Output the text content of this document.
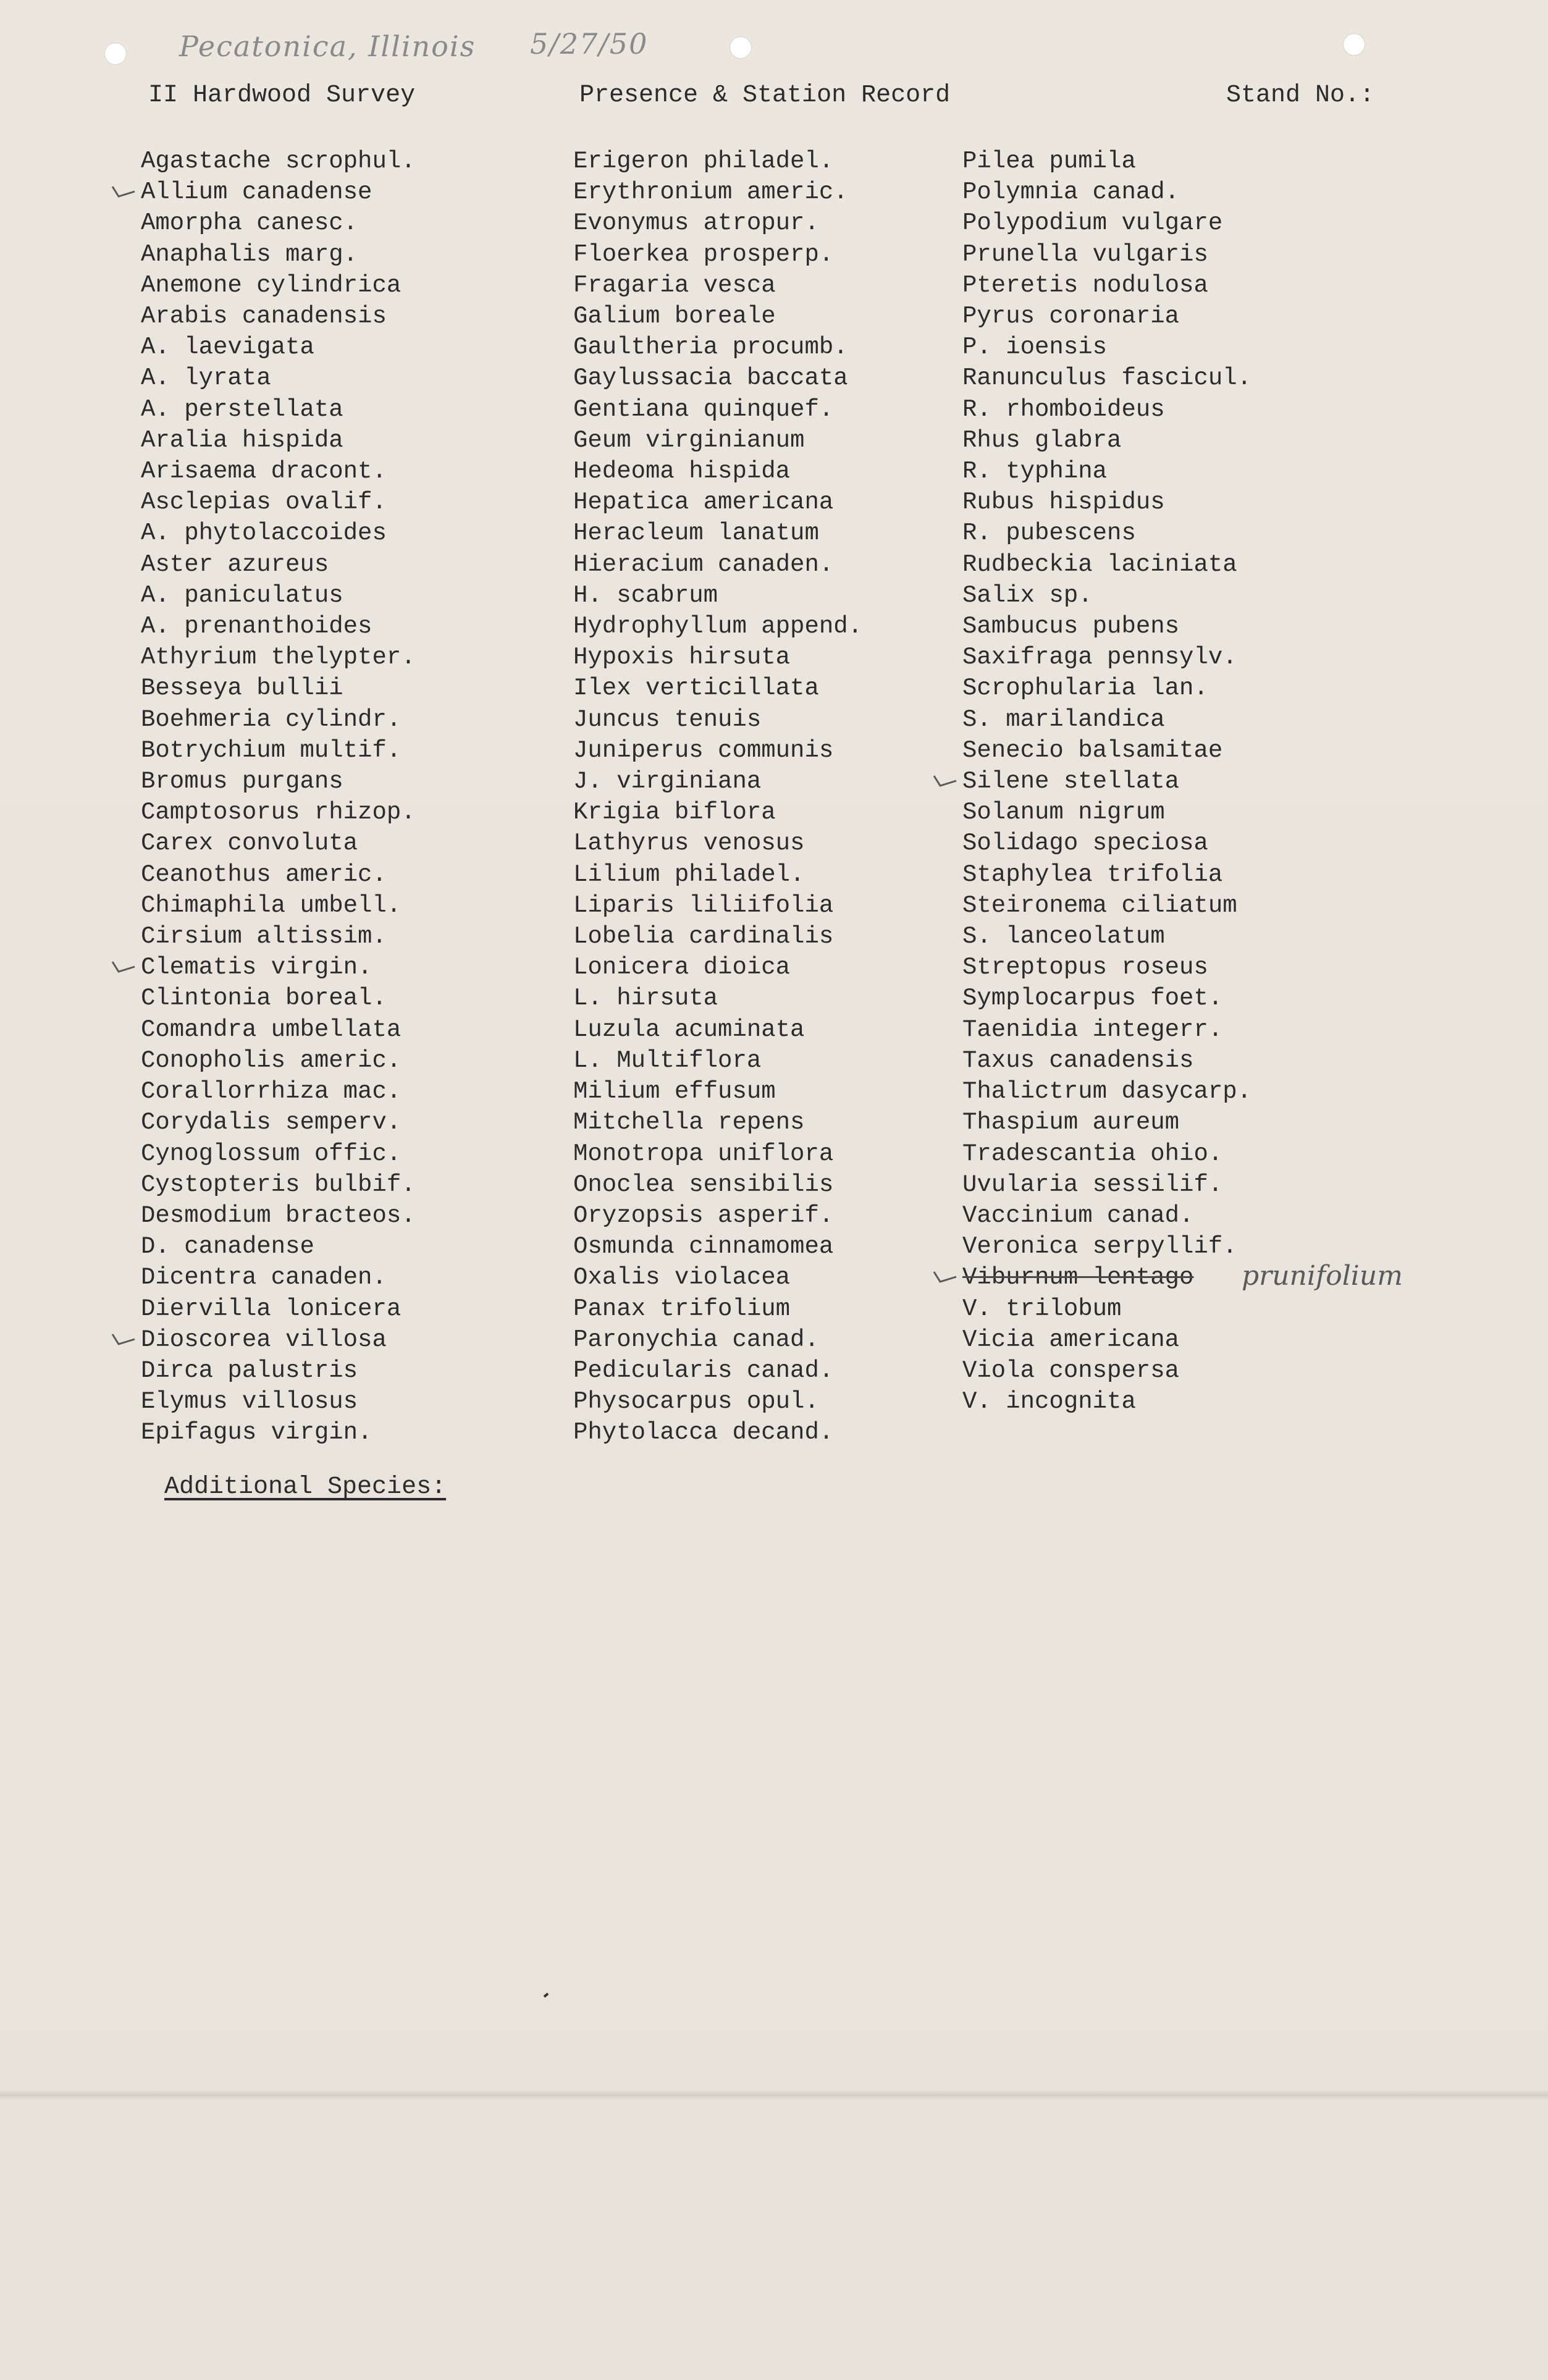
Pecatonica, Illinois 5/27/50
II Hardwood Survey	Presence & Station Record	Stand No.:
Agastache scrophul.
Allium canadense
Amorpha canesc.
Anaphalis marg.
Anemone cylindrica
Arabis canadensis
A. laevigata
A. lyrata
A. perstellata
Aralia hispida
Arisaema dracont.
Asclepias ovalif.
A. phytolaccoides
Aster azureus
A. paniculatus
A. prenanthoides
Athyrium thelypter.
Besseya bullii
Boehmeria cylindr.
Botrychium multif.
Bromus purgans
Camptosorus rhizop.
Carex convoluta
Ceanothus americ.
Chimaphila umbell.
Cirsium altissim.
Clematis virgin.
Clintonia boreal.
Comandra umbellata
Conopholis americ.
Corallorrhiza mac.
Corydalis semperv.
Cynoglossum offic.
Cystopteris bulbif.
Desmodium bracteos.
D. canadense
Dicentra canaden.
Diervilla lonicera
Dioscorea villosa
Dirca palustris
Elymus villosus
Epifagus virgin.
Erigeron philadel.
Erythronium americ.
Evonymus atropur.
Floerkea prosperp.
Fragaria vesca
Galium boreale
Gaultheria procumb.
Gaylussacia baccata
Gentiana quinquef.
Geum virginianum
Hedeoma hispida
Hepatica americana
Heracleum lanatum
Hieracium canaden.
H. scabrum
Hydrophyllum append.
Hypoxis hirsuta
Ilex verticillata
Juncus tenuis
Juniperus communis
J. virginiana
Krigia biflora
Lathyrus venosus
Lilium philadel.
Liparis liliifolia
Lobelia cardinalis
Lonicera dioica
L. hirsuta
Luzula acuminata
L. Multiflora
Milium effusum
Mitchella repens
Monotropa uniflora
Onoclea sensibilis
Oryzopsis asperif.
Osmunda cinnamomea
Oxalis violacea
Panax trifolium
Paronychia canad.
Pedicularis canad.
Physocarpus opul.
Phytolacca decand.
Pilea pumila
Polymnia canad.
Polypodium vulgare
Prunella vulgaris
Pteretis nodulosa
Pyrus coronaria
P. ioensis
Ranunculus fascicul.
R. rhomboideus
Rhus glabra
R. typhina
Rubus hispidus
R. pubescens
Rudbeckia laciniata
Salix sp.
Sambucus pubens
Saxifraga pennsylv.
Scrophularia lan.
S. marilandica
Senecio balsamitae
Silene stellata
Solanum nigrum
Solidago speciosa
Staphylea trifolia
Steironema ciliatum
S. lanceolatum
Streptopus roseus
Symplocarpus foet.
Taenidia integerr.
Taxus canadensis
Thalictrum dasycarp.
Thaspium aureum
Tradescantia ohio.
Uvularia sessilif.
Vaccinium canad.
Veronica serpyllif.
Viburnum lentago
V. trilobum
Vicia americana
Viola conspersa
V. incognita
prunifolium
Additional Species:
